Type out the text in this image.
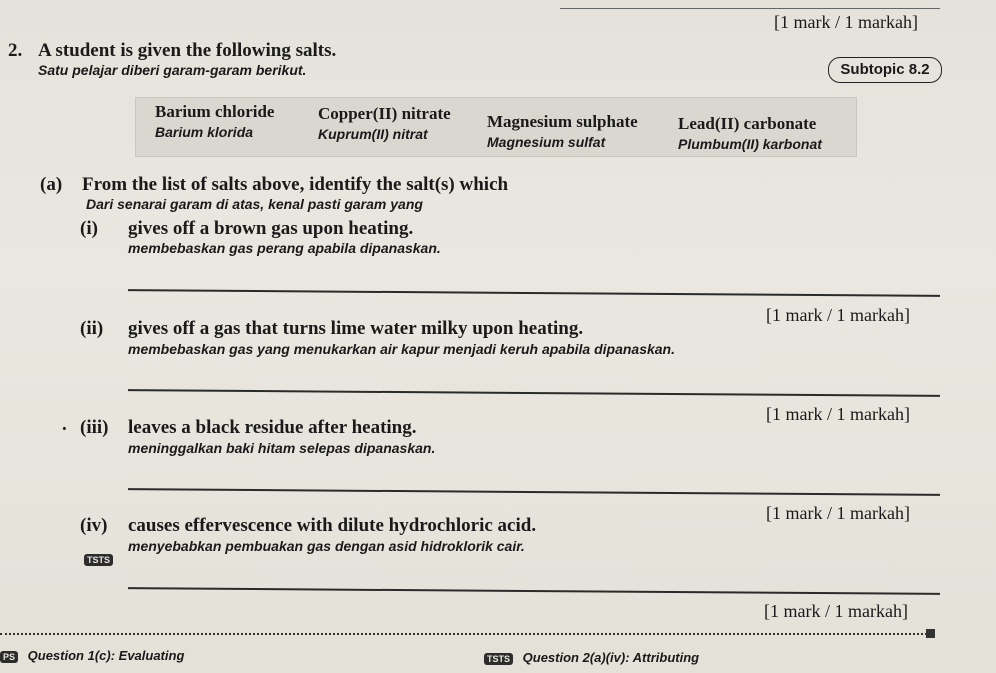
[1 mark / 1 markah]
2. A student is given the following salts.
Satu pelajar diberi garam-garam berikut.	Subtopic 8.2
Barium chloride
Barium klorida
Copper(II) nitrate
Kuprum(II) nitrat
Magnesium sulphate
Magnesium sulfat
Lead(II) carbonate
Plumbum(II) karbonat
(a) From the list of salts above, identify the salt(s) which
Dari senarai garam di atas, kenal pasti garam yang
(i) gives off a brown gas upon heating.
membebaskan gas perang apabila dipanaskan.
[1 mark / 1 markah]
(ii) gives off a gas that turns lime water milky upon heating.
membebaskan gas yang menukarkan air kapur menjadi keruh apabila dipanaskan.
[1 mark / 1 markah]
. (iii) leaves a black residue after heating.
meninggalkan baki hitam selepas dipanaskan.
[1 mark / 1 markah]
(iv) causes effervescence with dilute hydrochloric acid.
menyebabkan pembuakan gas dengan asid hidroklorik cair.
TSTS
[1 mark / 1 markah]
PS Question 1(c): Evaluating	TSTS Question 2(a)(iv): Attributing
